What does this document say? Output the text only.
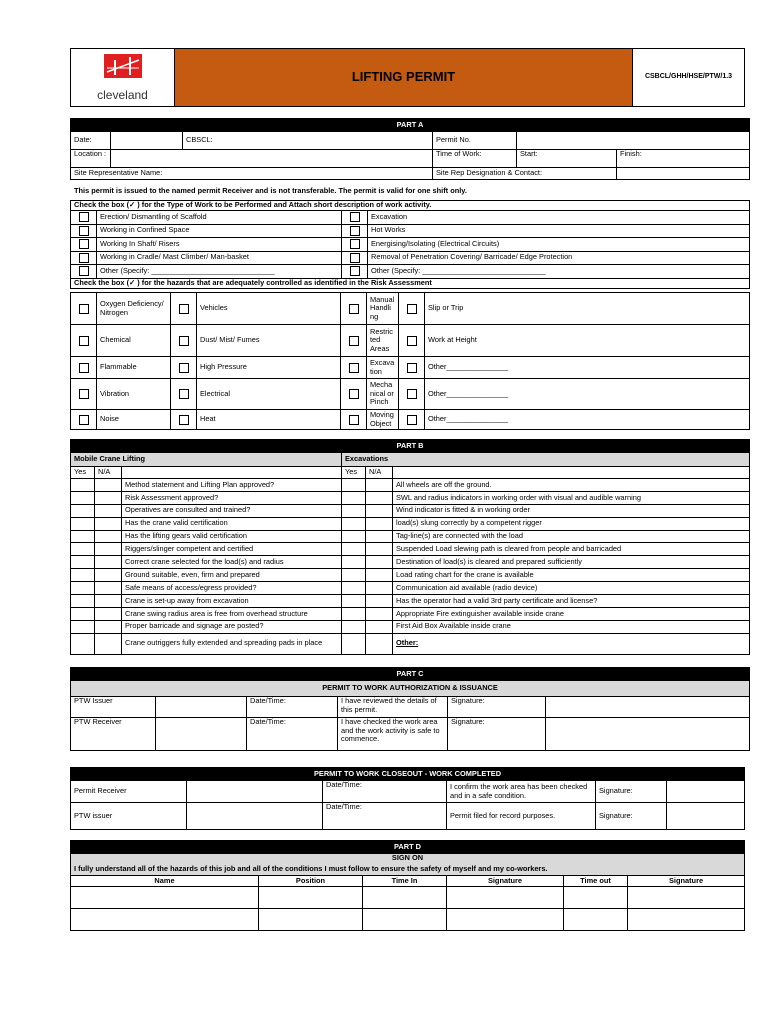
cleveland
	LIFTING PERMIT	CSBCL/GHH/HSE/PTW/1.3
PART A					
Date:		CBSCL:	Permit No.		
Location :			Time of Work:	Start:	Finish:
Site Representative Name:			Site Rep Designation & Contact:		
This permit is issued to the named permit Receiver and is not transferable. The permit is valid for one shift only.
Check the box (✓ ) for the Type of Work to be Performed and Attach short description of work activity.			
	Erection/ Dismantling of Scaffold		Excavation
	Working in Confined Space		Hot Works
	Working In Shaft/ Risers		Energising/Isolating (Electrical Circuits)
	Working in Cradle/ Mast Climber/ Man-basket		Removal of Penetration Covering/ Barricade/ Edge Protection
	Other (Specify: ______________________________		Other (Specify: ______________________________
Check the box (✓ ) for the hazards that are adequately controlled as identified in the Risk Assessment			
	Oxygen Deficiency/ Nitrogen		Vehicles		Manual Handling		Slip or Trip
	Chemical		Dust/ Mist/ Fumes		Restricted Areas		Work at Height
	Flammable		High Pressure		Excavation		Other_______________
	Vibration		Electrical		Mechanical or Pinch		Other_______________
	Noise		Heat		Moving Object		Other_______________
PART B					
Mobile Crane Lifting			Excavations		
Yes	N/A		Yes	N/A	
		Method statement and Lifting Plan approved?			All wheels are off the ground.
		Risk Assessment approved?			SWL and radius indicators in working order with visual and audible warning
		Operatives are consulted and trained?			Wind indicator is fitted & in working order
		Has the crane valid certification			load(s) slung correctly by a competent rigger
		Has the lifting gears valid certification			Tag-line(s) are connected with the load
		Riggers/slinger competent and certified			Suspended Load slewing path is cleared from people and barricaded
		Correct crane selected for the load(s) and radius			Destination of load(s) is cleared and prepared sufficiently
		Ground suitable, even, firm and prepared			Load rating chart for the crane is available
		Safe means of access/egress provided?			Communication aid available (radio device)
		Crane is set-up away from excavation			Has the operator had a valid 3rd party certificate and license?
		Crane swing radius area is free from overhead structure			Appropriate Fire extinguisher available inside crane
		Proper barricade and signage are posted?			First Aid Box Available inside crane
		Crane outriggers fully extended and spreading pads in place			Other:
PART C					
PERMIT TO WORK AUTHORIZATION & ISSUANCE					
PTW Issuer		Date/Time:	I have reviewed the details of this permit.	Signature:	
PTW Receiver		Date/Time:	I have checked the work area and the work activity is safe to commence.	Signature:	
PERMIT TO WORK CLOSEOUT - WORK COMPLETED					
Permit Receiver		Date/Time:	I confirm the work area has been checked and in a safe condition.	Signature:	
PTW issuer		Date/Time:	Permit filed for record purposes.	Signature:	
PART D					
SIGN ON					
I fully understand all of the hazards of this job and all of the conditions I must follow to ensure the safety of myself and my co-workers.					
Name	Position	Time In	Signature	Time out	Signature
